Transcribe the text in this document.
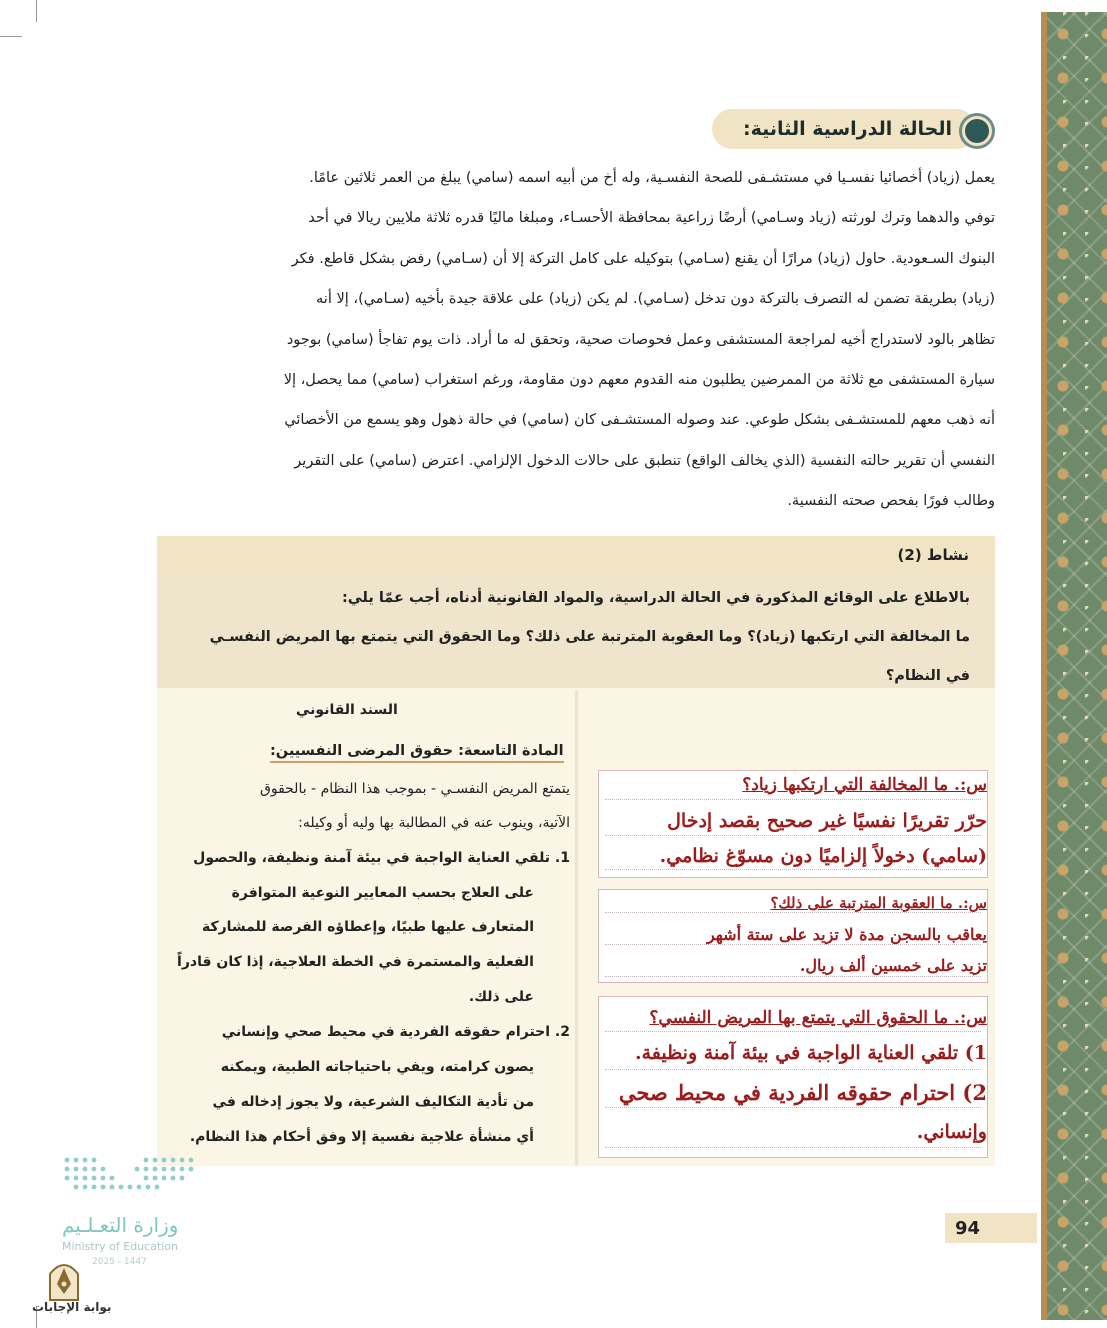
الحالة الدراسية الثانية:
يعمل (زياد) أخصائيا نفسـيا في مستشـفى للصحة النفسـية، وله أخ من أبيه اسمه (سامي) يبلغ من العمر ثلاثين عامًا.
توفي والدهما وترك لورثته (زياد وسـامي) أرضًا زراعية بمحافظة الأحسـاء، ومبلغا ماليًا قدره ثلاثة ملايين ريالا في أحد
البنوك السـعودية. حاول (زياد) مرارًا أن يقنع (سـامي) بتوكيله على كامل التركة إلا أن (سـامي) رفض بشكل قاطع. فكر
(زياد) بطريقة تضمن له التصرف بالتركة دون تدخل (سـامي). لم يكن (زياد) على علاقة جيدة بأخيه (سـامي)، إلا أنه
تظاهر بالود لاستدراج أخيه لمراجعة المستشفى وعمل فحوصات صحية، وتحقق له ما أراد. ذات يوم تفاجأ (سامي) بوجود
سيارة المستشفى مع ثلاثة من الممرضين يطلبون منه القدوم معهم دون مقاومة، ورغم استغراب (سامي) مما يحصل، إلا
أنه ذهب معهم للمستشـفى بشكل طوعي. عند وصوله المستشـفى كان (سامي) في حالة ذهول وهو يسمع من الأخصائي
النفسي أن تقرير حالته النفسية (الذي يخالف الواقع) تنطبق على حالات الدخول الإلزامي. اعترض (سامي) على التقرير
وطالب فورًا بفحص صحته النفسية.
نشاط (2)
بالاطلاع على الوقائع المذكورة في الحالة الدراسية، والمواد القانونية أدناه، أجب عمّا يلي:
ما المخالفة التي ارتكبها (زياد)؟ وما العقوبة المترتبة على ذلك؟ وما الحقوق التي يتمتع بها المريض النفسـي
في النظام؟
السند القانوني
المادة التاسعة: حقوق المرضى النفسيين:
يتمتع المريض النفسـي - بموجب هذا النظام - بالحقوق
الآتية، وينوب عنه في المطالبة بها وليه أو وكيله:
1. تلقي العناية الواجبة في بيئة آمنة ونظيفة، والحصول
على العلاج بحسب المعايير النوعية المتوافرة
المتعارف عليها طبيًا، وإعطاؤه الفرصة للمشاركة
الفعلية والمستمرة في الخطة العلاجية، إذا كان قادراً
على ذلك.
2. احترام حقوقه الفردية في محيط صحي وإنساني
يصون كرامته، ويفي باحتياجاته الطبية، ويمكنه
من تأدية التكاليف الشرعية، ولا يجوز إدخاله في
أي منشأة علاجية نفسية إلا وفق أحكام هذا النظام.
س:. ما المخالفة التي ارتكبها زياد؟
حرّر تقريرًا نفسيًا غير صحيح بقصد إدخال
(سامي) دخولاً إلزاميًا دون مسوّغ نظامي.
س:. ما العقوبة المترتبة على ذلك؟
يعاقب بالسجن مدة لا تزيد على ستة أشهر
تزيد على خمسين ألف ريال.
س:. ما الحقوق التي يتمتع بها المريض النفسي؟
1) تلقي العناية الواجبة في بيئة آمنة ونظيفة.
2) احترام حقوقه الفردية في محيط صحي
وإنساني.
94
وزارة التعـلـيم
Ministry of Education
2025 - 1447
بوابة الإجابات
